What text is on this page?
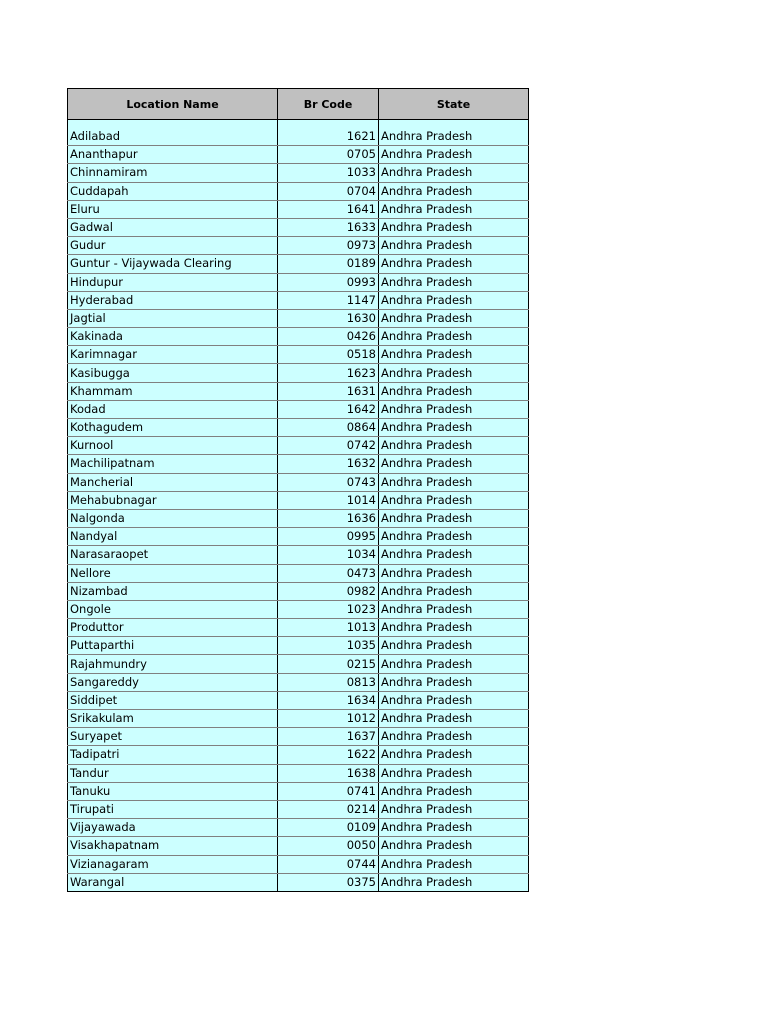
Location Name	Br Code	State

Adilabad	1621	Andhra Pradesh
Ananthapur	0705	Andhra Pradesh
Chinnamiram	1033	Andhra Pradesh
Cuddapah	0704	Andhra Pradesh
Eluru	1641	Andhra Pradesh
Gadwal	1633	Andhra Pradesh
Gudur	0973	Andhra Pradesh
Guntur - Vijaywada Clearing	0189	Andhra Pradesh
Hindupur	0993	Andhra Pradesh
Hyderabad	1147	Andhra Pradesh
Jagtial	1630	Andhra Pradesh
Kakinada	0426	Andhra Pradesh
Karimnagar	0518	Andhra Pradesh
Kasibugga	1623	Andhra Pradesh
Khammam	1631	Andhra Pradesh
Kodad	1642	Andhra Pradesh
Kothagudem	0864	Andhra Pradesh
Kurnool	0742	Andhra Pradesh
Machilipatnam	1632	Andhra Pradesh
Mancherial	0743	Andhra Pradesh
Mehabubnagar	1014	Andhra Pradesh
Nalgonda	1636	Andhra Pradesh
Nandyal	0995	Andhra Pradesh
Narasaraopet	1034	Andhra Pradesh
Nellore	0473	Andhra Pradesh
Nizambad	0982	Andhra Pradesh
Ongole	1023	Andhra Pradesh
Produttor	1013	Andhra Pradesh
Puttaparthi	1035	Andhra Pradesh
Rajahmundry	0215	Andhra Pradesh
Sangareddy	0813	Andhra Pradesh
Siddipet	1634	Andhra Pradesh
Srikakulam	1012	Andhra Pradesh
Suryapet	1637	Andhra Pradesh
Tadipatri	1622	Andhra Pradesh
Tandur	1638	Andhra Pradesh
Tanuku	0741	Andhra Pradesh
Tirupati	0214	Andhra Pradesh
Vijayawada	0109	Andhra Pradesh
Visakhapatnam	0050	Andhra Pradesh
Vizianagaram	0744	Andhra Pradesh
Warangal	0375	Andhra Pradesh
